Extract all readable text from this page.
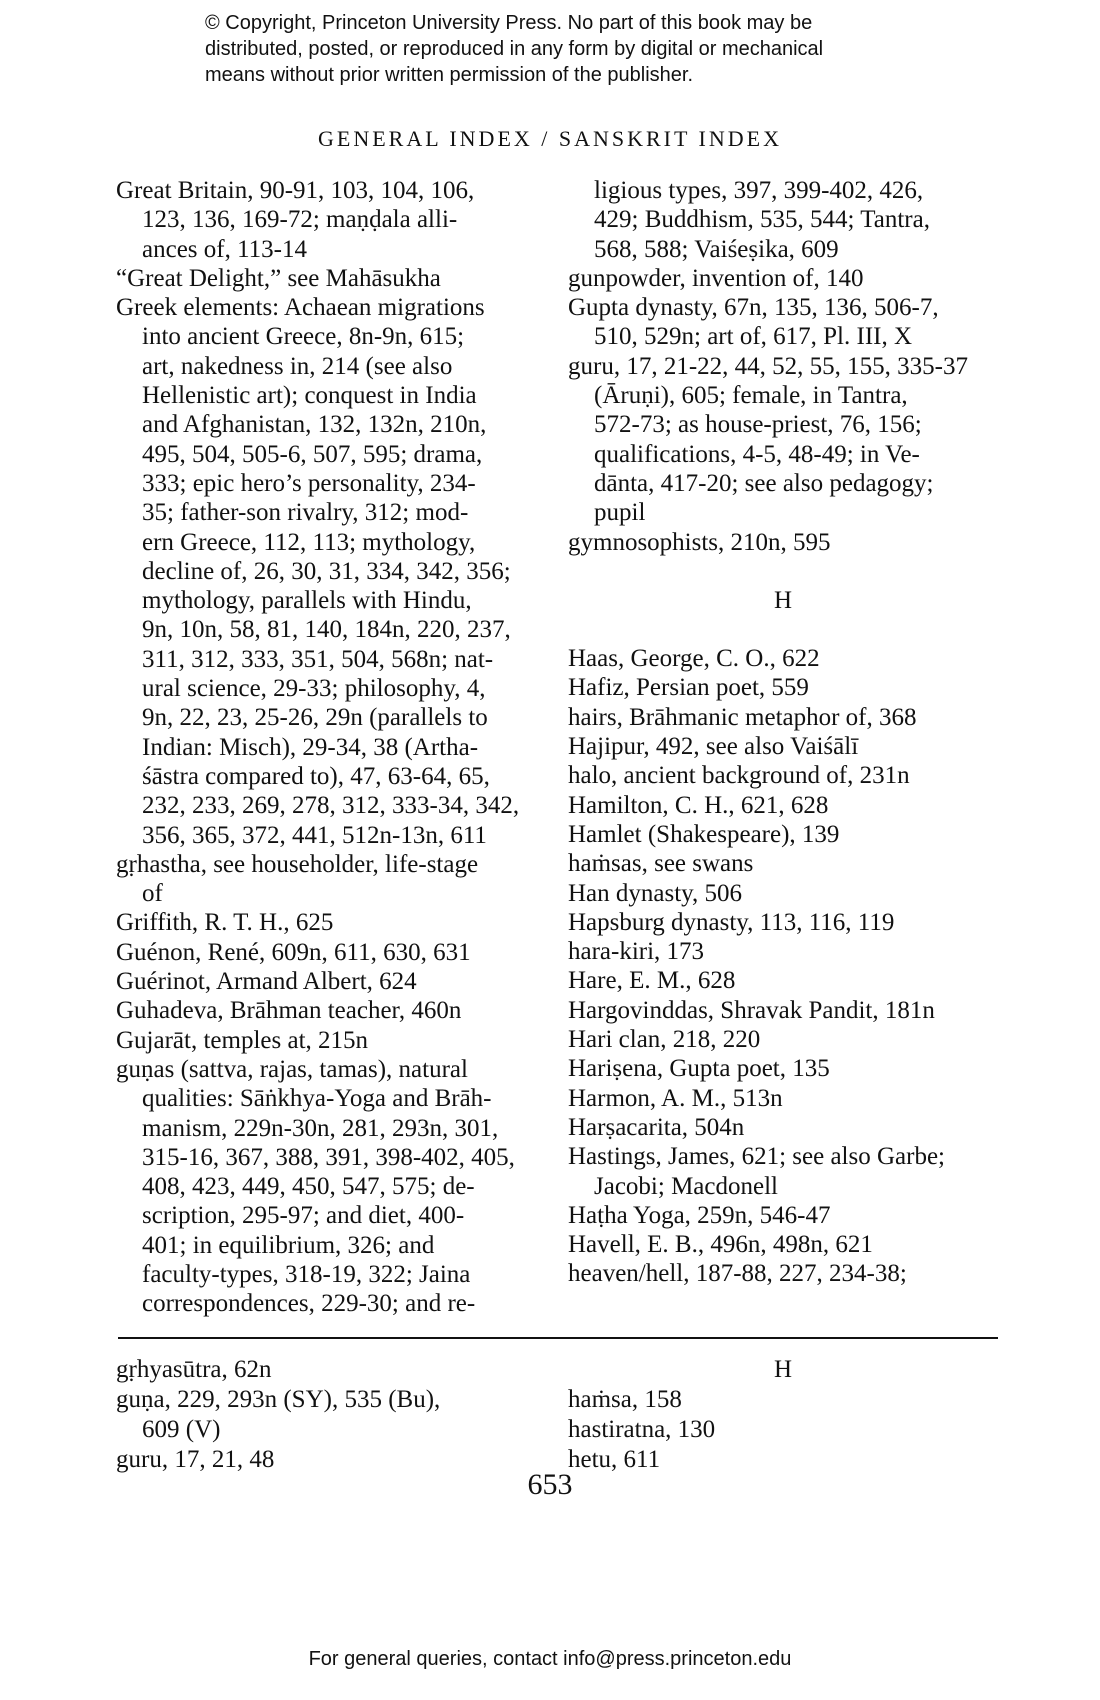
© Copyright, Princeton University Press. No part of this book may be
distributed, posted, or reproduced in any form by digital or mechanical
means without prior written permission of the publisher.
GENERAL INDEX / SANSKRIT INDEX
Great Britain, 90-91, 103, 104, 106,
123, 136, 169-72; maṇḍala alli-
ances of, 113-14
“Great Delight,” see Mahāsukha
Greek elements: Achaean migrations
into ancient Greece, 8n-9n, 615;
art, nakedness in, 214 (see also
Hellenistic art); conquest in India
and Afghanistan, 132, 132n, 210n,
495, 504, 505-6, 507, 595; drama,
333; epic hero’s personality, 234-
35; father-son rivalry, 312; mod-
ern Greece, 112, 113; mythology,
decline of, 26, 30, 31, 334, 342, 356;
mythology, parallels with Hindu,
9n, 10n, 58, 81, 140, 184n, 220, 237,
311, 312, 333, 351, 504, 568n; nat-
ural science, 29-33; philosophy, 4,
9n, 22, 23, 25-26, 29n (parallels to
Indian: Misch), 29-34, 38 (Artha-
śāstra compared to), 47, 63-64, 65,
232, 233, 269, 278, 312, 333-34, 342,
356, 365, 372, 441, 512n-13n, 611
gṛhastha, see householder, life-stage
of
Griffith, R. T. H., 625
Guénon, René, 609n, 611, 630, 631
Guérinot, Armand Albert, 624
Guhadeva, Brāhman teacher, 460n
Gujarāt, temples at, 215n
guṇas (sattva, rajas, tamas), natural
qualities: Sāṅkhya-Yoga and Brāh-
manism, 229n-30n, 281, 293n, 301,
315-16, 367, 388, 391, 398-402, 405,
408, 423, 449, 450, 547, 575; de-
scription, 295-97; and diet, 400-
401; in equilibrium, 326; and
faculty-types, 318-19, 322; Jaina
correspondences, 229-30; and re-
ligious types, 397, 399-402, 426,
429; Buddhism, 535, 544; Tantra,
568, 588; Vaiśeṣika, 609
gunpowder, invention of, 140
Gupta dynasty, 67n, 135, 136, 506-7,
510, 529n; art of, 617, Pl. III, X
guru, 17, 21-22, 44, 52, 55, 155, 335-37
(Āruṇi), 605; female, in Tantra,
572-73; as house-priest, 76, 156;
qualifications, 4-5, 48-49; in Ve-
dānta, 417-20; see also pedagogy;
pupil
gymnosophists, 210n, 595
H
Haas, George, C. O., 622
Hafiz, Persian poet, 559
hairs, Brāhmanic metaphor of, 368
Hajipur, 492, see also Vaiśālī
halo, ancient background of, 231n
Hamilton, C. H., 621, 628
Hamlet (Shakespeare), 139
haṁsas, see swans
Han dynasty, 506
Hapsburg dynasty, 113, 116, 119
hara-kiri, 173
Hare, E. M., 628
Hargovinddas, Shravak Pandit, 181n
Hari clan, 218, 220
Hariṣena, Gupta poet, 135
Harmon, A. M., 513n
Harṣacarita, 504n
Hastings, James, 621; see also Garbe;
Jacobi; Macdonell
Haṭha Yoga, 259n, 546-47
Havell, E. B., 496n, 498n, 621
heaven/hell, 187-88, 227, 234-38;
gṛhyasūtra, 62n
guṇa, 229, 293n (SY), 535 (Bu),
609 (V)
guru, 17, 21, 48
H
haṁsa, 158
hastiratna, 130
hetu, 611
653
For general queries, contact info@press.princeton.edu
